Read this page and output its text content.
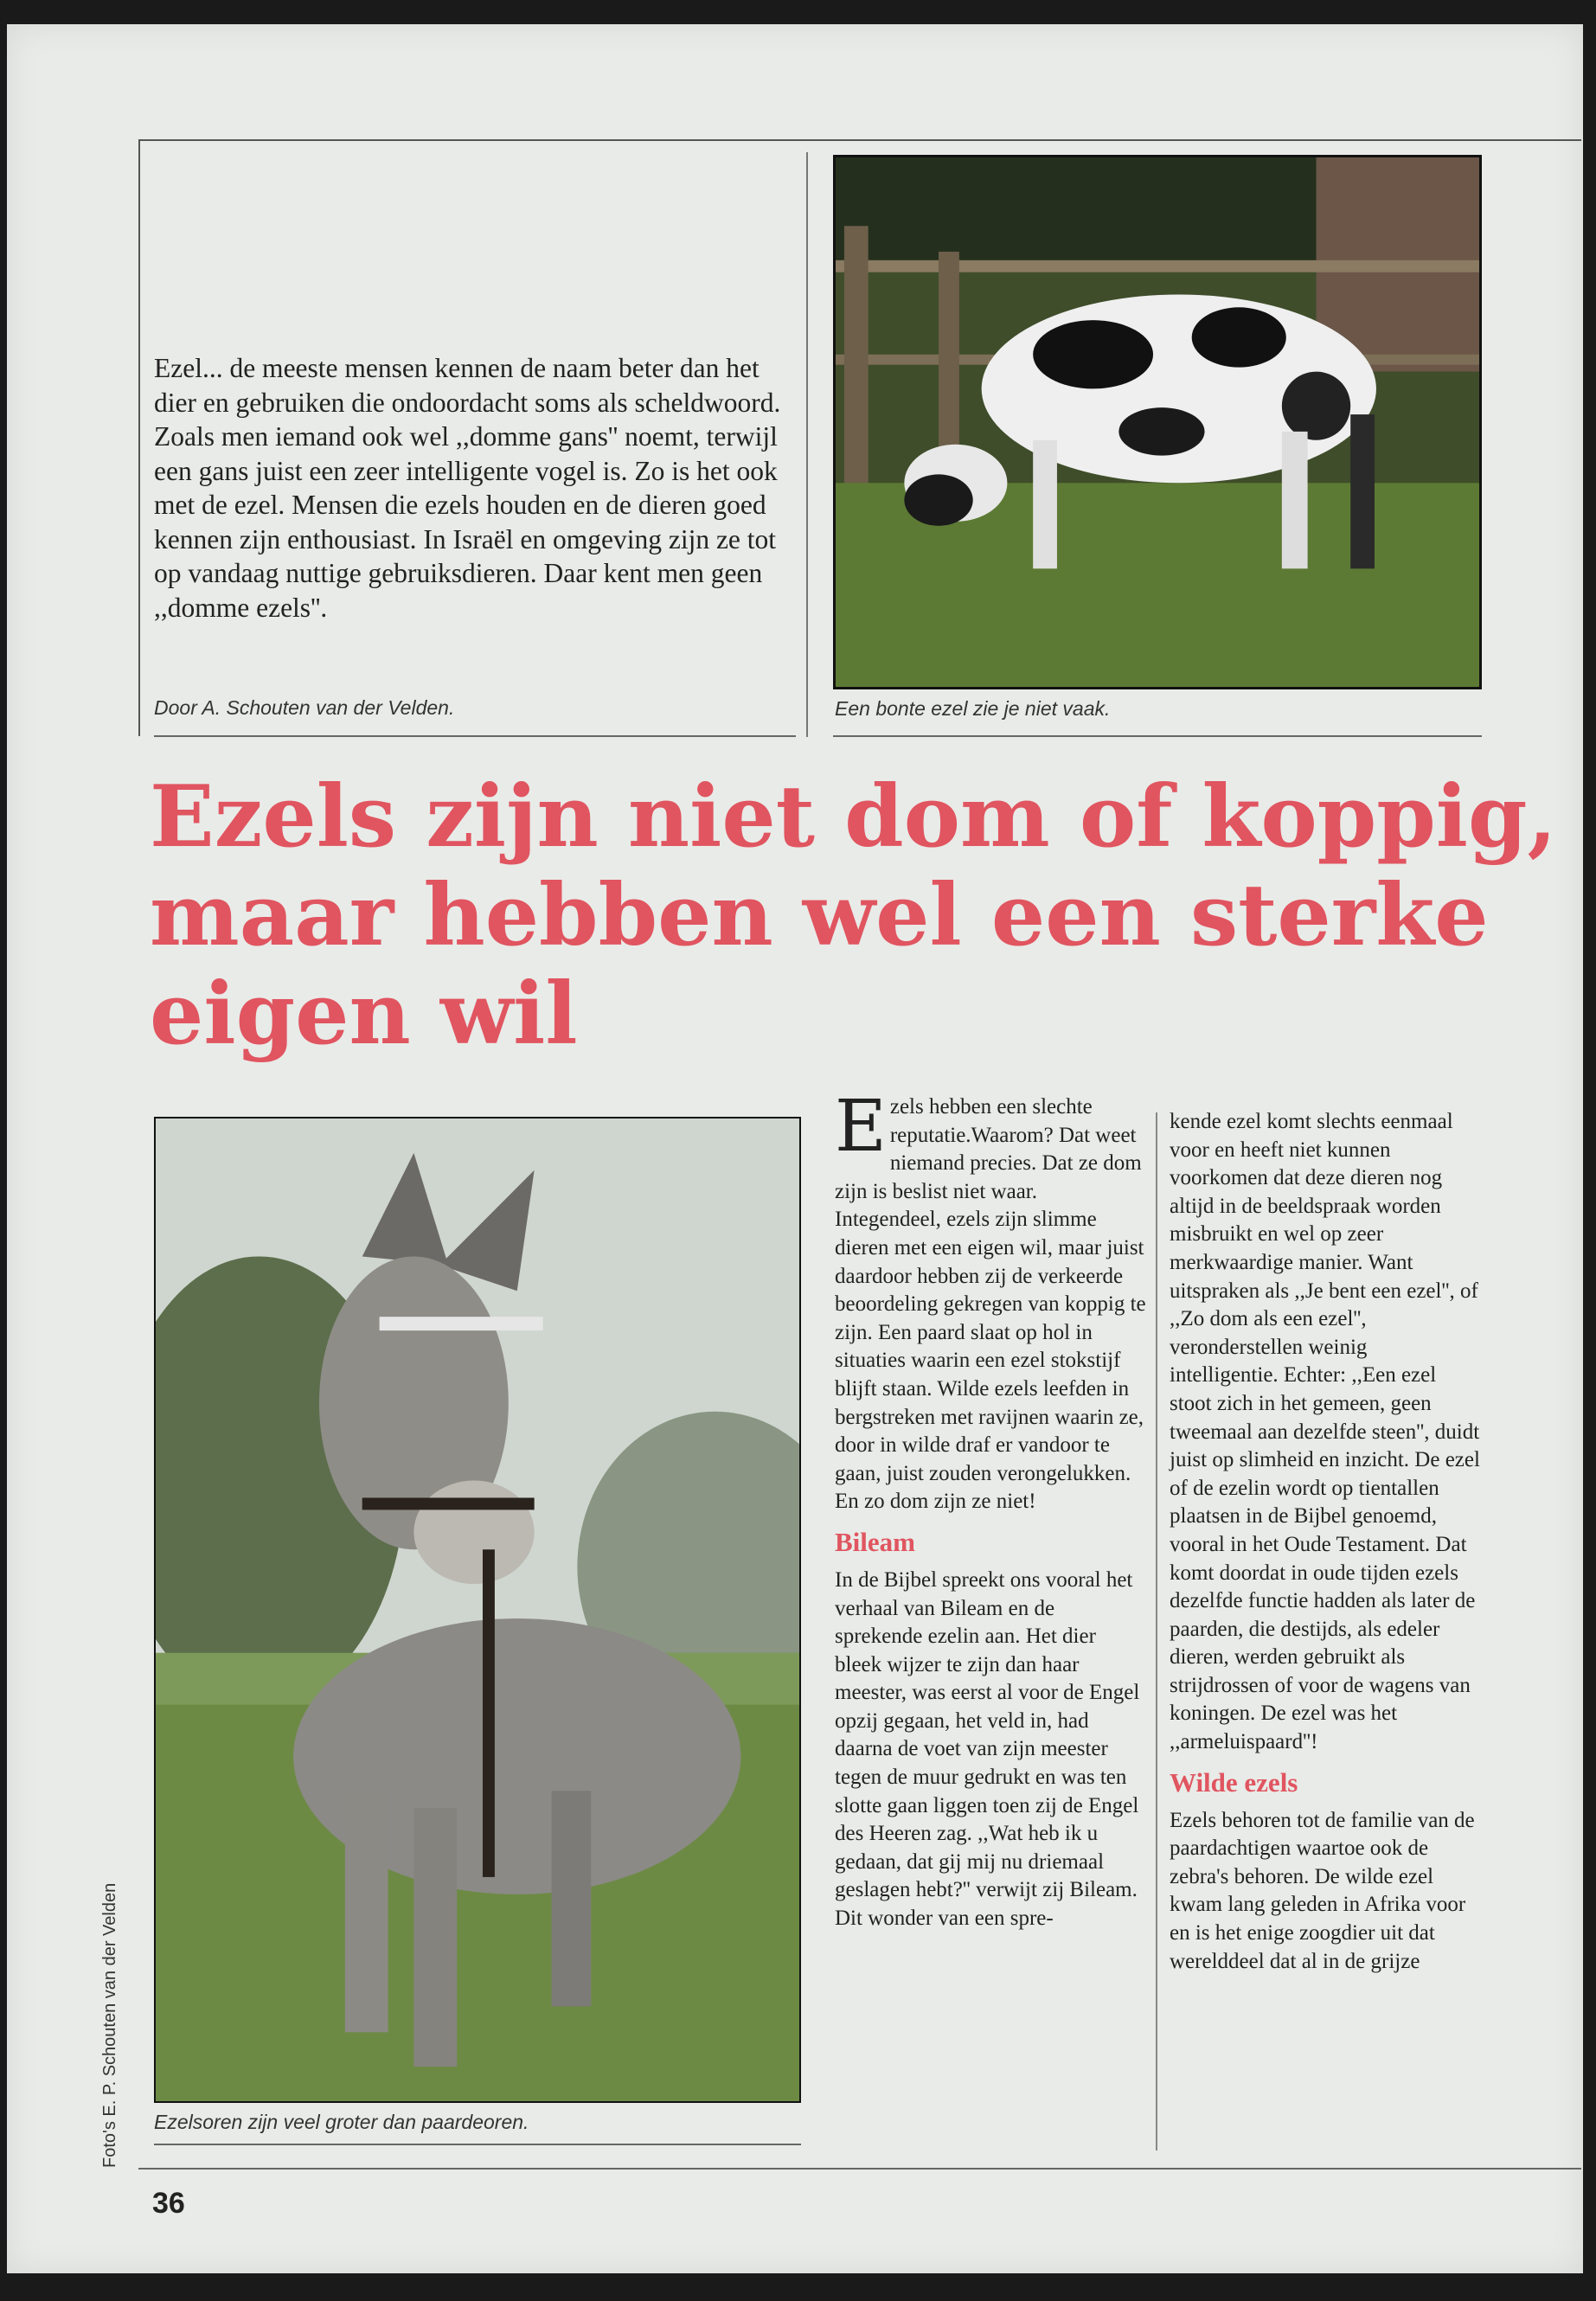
Ezel... de meeste mensen kennen de naam beter dan het dier en gebruiken die ondoordacht soms als scheldwoord. Zoals men iemand ook wel ,,domme gans'' noemt, terwijl een gans juist een zeer intelligente vogel is. Zo is het ook met de ezel. Mensen die ezels houden en de dieren goed kennen zijn enthousiast. In Israël en omgeving zijn ze tot op vandaag nuttige gebruiksdieren. Daar kent men geen ,,domme ezels''.
Door A. Schouten van der Velden.	Een bonte ezel zie je niet vaak.
Ezels zijn niet dom of koppig,
maar hebben wel een sterke
eigen wil
Ezelsoren zijn veel groter dan paardeoren.
Foto's E. P. Schouten van der Velden
E zels hebben een slechte reputatie.Waarom? Dat weet niemand precies. Dat ze dom zijn is beslist niet waar. Integendeel, ezels zijn slimme dieren met een eigen wil, maar juist daardoor hebben zij de verkeerde beoordeling gekregen van koppig te zijn. Een paard slaat op hol in situaties waarin een ezel stokstijf blijft staan. Wilde ezels leefden in bergstreken met ravijnen waarin ze, door in wilde draf er vandoor te gaan, juist zouden verongelukken.

En zo dom zijn ze niet!

Bileam

In de Bijbel spreekt ons vooral het verhaal van Bileam en de sprekende ezelin aan. Het dier bleek wijzer te zijn dan haar meester, was eerst al voor de Engel opzij gegaan, het veld in, had daarna de voet van zijn meester tegen de muur gedrukt en was ten slotte gaan liggen toen zij de Engel des Heeren zag. ,,Wat heb ik u gedaan, dat gij mij nu driemaal geslagen hebt?'' verwijt zij Bileam.

Dit wonder van een spre-

kende ezel komt slechts eenmaal voor en heeft niet kunnen voorkomen dat deze dieren nog altijd in de beeldspraak worden misbruikt en wel op zeer merkwaardige manier. Want uitspraken als ,,Je bent een ezel'', of ,,Zo dom als een ezel'', veronderstellen weinig intelligentie. Echter: ,,Een ezel stoot zich in het gemeen, geen tweemaal aan dezelfde steen'', duidt juist op slimheid en inzicht. De ezel of de ezelin wordt op tientallen plaatsen in de Bijbel genoemd, vooral in het Oude Testament. Dat komt doordat in oude tijden ezels dezelfde functie hadden als later de paarden, die destijds, als edeler dieren, werden gebruikt als strijdrossen of voor de wagens van koningen. De ezel was het ,,armeluispaard''!

Wilde ezels

Ezels behoren tot de familie van de paardachtigen waartoe ook de zebra's behoren. De wilde ezel kwam lang geleden in Afrika voor en is het enige zoogdier uit dat werelddeel dat al in de grijze

36
